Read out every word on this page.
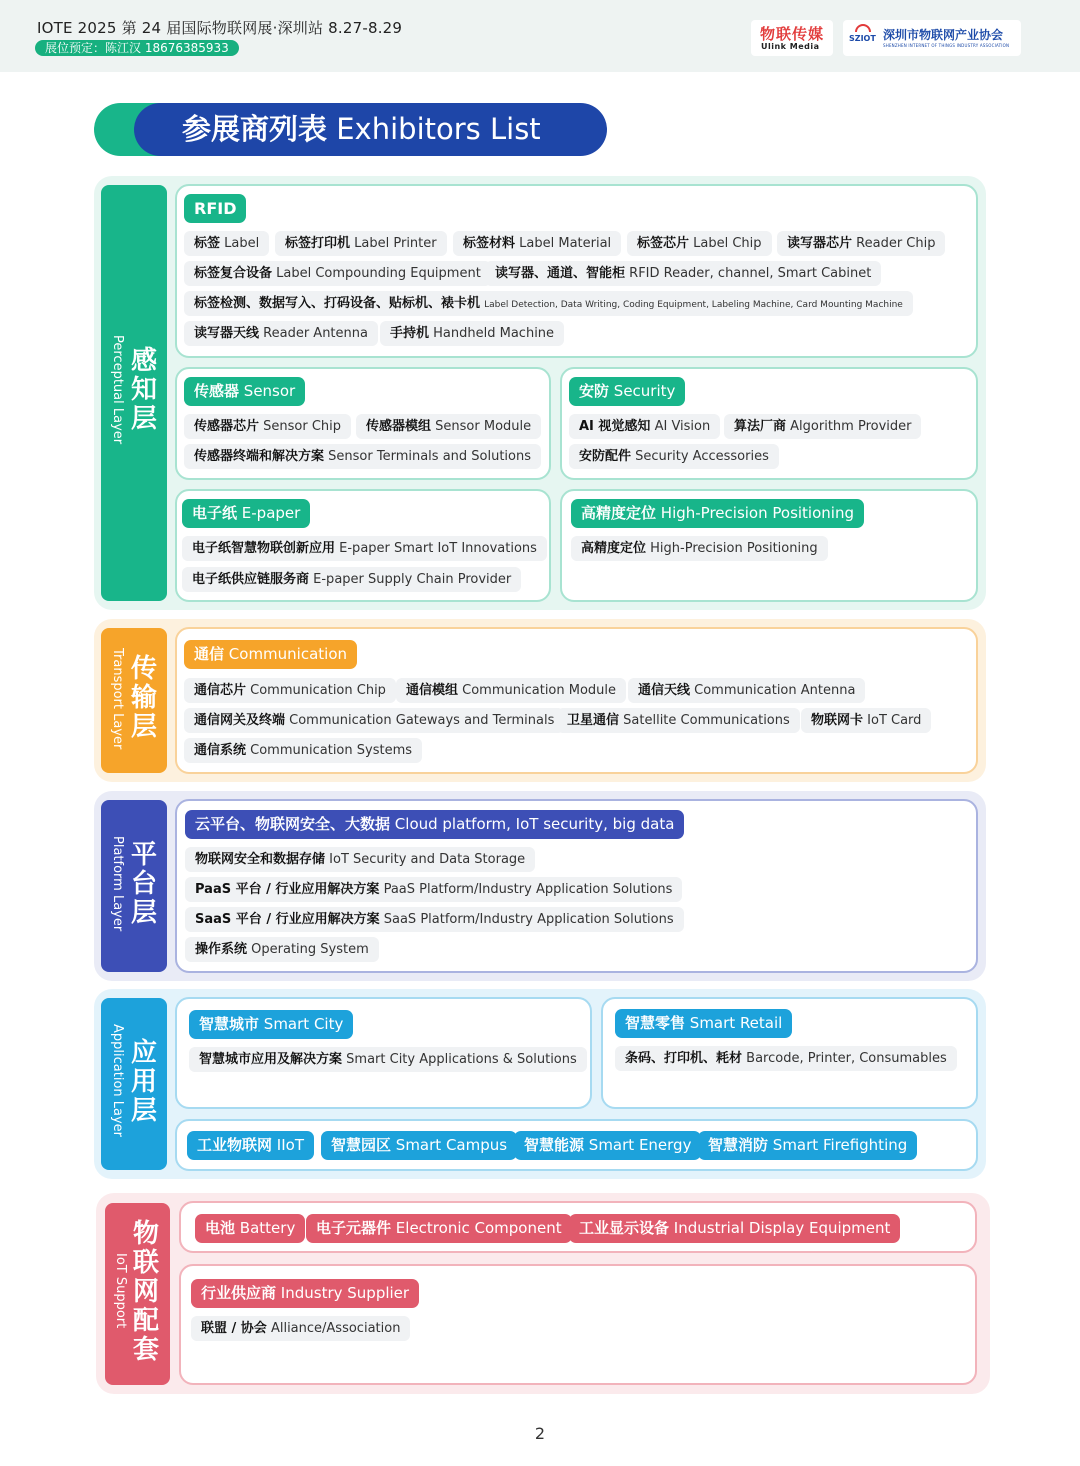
IOTE 2025 第 24 届国际物联网展·深圳站 8.27-8.29
展位预定：陈江汉 18676385933
物联传媒
Ulink Media
SZIOT 深圳市物联网产业协会
SHENZHEN INTERNET OF THINGS INDUSTRY ASSOCIATION
参展商列表 Exhibitors List
感
知
层
Perceptual Layer
RFID
标签 Label	标签打印机 Label Printer	标签材料 Label Material	标签芯片 Label Chip	读写器芯片 Reader Chip
标签复合设备 Label Compounding Equipment	读写器、通道、智能柜 RFID Reader, channel, Smart Cabinet
标签检测、数据写入、打码设备、贴标机、裱卡机 Label Detection, Data Writing, Coding Equipment, Labeling Machine, Card Mounting Machine
读写器天线 Reader Antenna	手持机 Handheld Machine
传感器 Sensor
传感器芯片 Sensor Chip	传感器模组 Sensor Module
传感器终端和解决方案 Sensor Terminals and Solutions
安防 Security
AI 视觉感知 AI Vision	算法厂商 Algorithm Provider
安防配件 Security Accessories
电子纸 E-paper
电子纸智慧物联创新应用 E-paper Smart IoT Innovations
电子纸供应链服务商 E-paper Supply Chain Provider
高精度定位 High-Precision Positioning
高精度定位 High-Precision Positioning
传
输
层
Transport Layer	通信 Communication
通信芯片 Communication Chip	通信模组 Communication Module	通信天线 Communication Antenna
通信网关及终端 Communication Gateways and Terminals 卫星通信 Satellite Communications	物联网卡 IoT Card
通信系统 Communication Systems
平
台
层
Platform Layer
云平台、物联网安全、大数据 Cloud platform, IoT security, big data
物联网安全和数据存储 IoT Security and Data Storage
PaaS 平台 / 行业应用解决方案 PaaS Platform/Industry Application Solutions
SaaS 平台 / 行业应用解决方案 SaaS Platform/Industry Application Solutions
操作系统 Operating System
应
用
层
Application Layer	智慧城市 Smart City
智慧城市应用及解决方案 Smart City Applications & Solutions
智慧零售 Smart Retail
条码、打印机、耗材 Barcode, Printer, Consumables
工业物联网 IIoT	智慧园区 Smart Campus	智慧能源 Smart Energy	智慧消防 Smart Firefighting
物
联
网
配
套
IoT Support
电池 Battery	电子元器件 Electronic Component	工业显示设备 Industrial Display Equipment
行业供应商 Industry Supplier
联盟 / 协会 Alliance/Association
2
